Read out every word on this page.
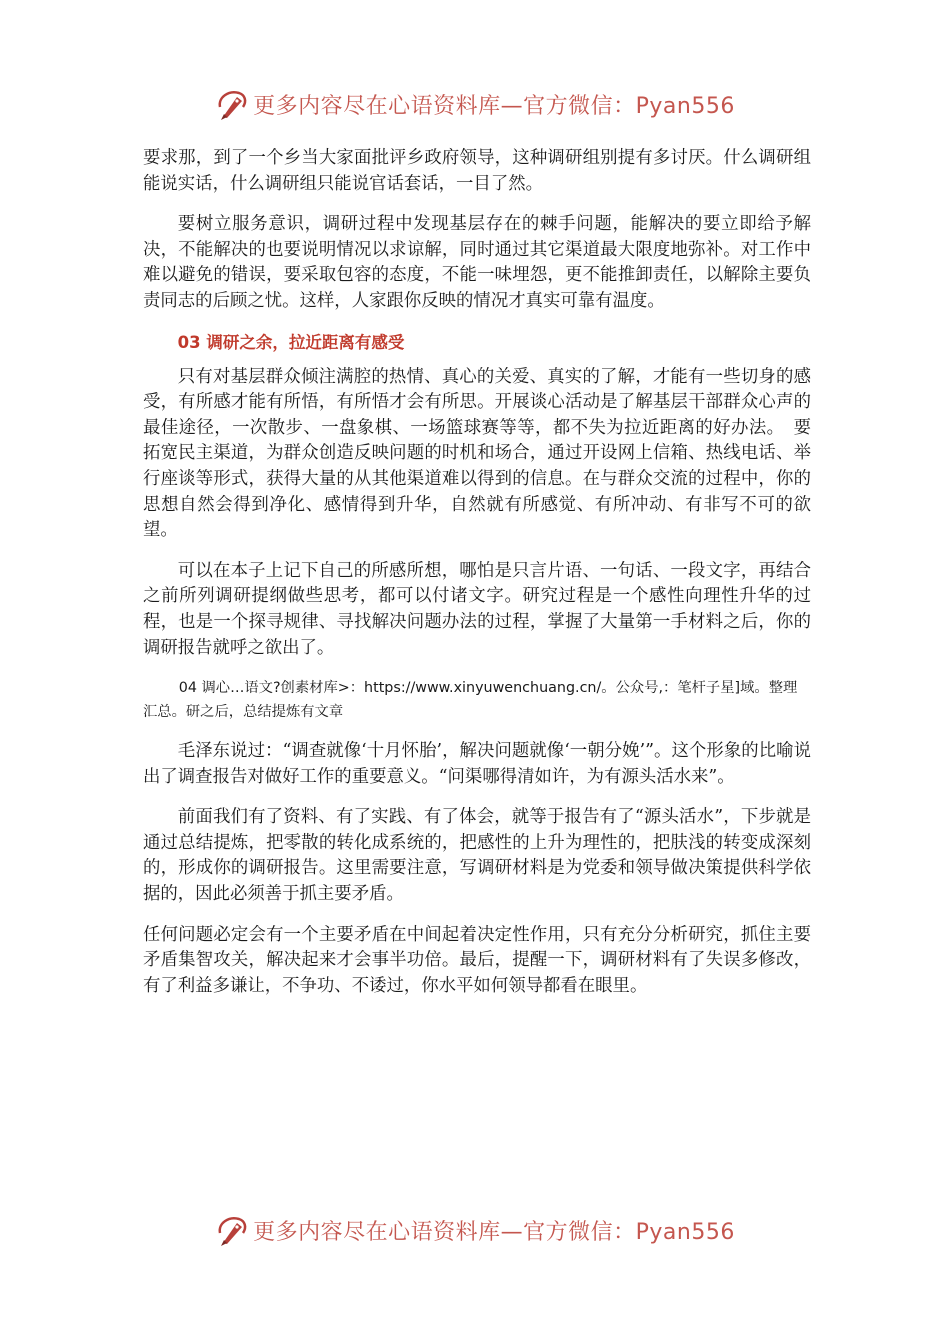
更多内容尽在心语资料库—官方微信：Pyan556

要求那，到了一个乡当大家面批评乡政府领导，这种调研组别提有多讨厌。什么调研组能说实话，什么调研组只能说官话套话，一目了然。

要树立服务意识，调研过程中发现基层存在的棘手问题，能解决的要立即给予解决，不能解决的也要说明情况以求谅解，同时通过其它渠道最大限度地弥补。对工作中难以避免的错误，要采取包容的态度，不能一味埋怨，更不能推卸责任，以解除主要负责同志的后顾之忧。这样，人家跟你反映的情况才真实可靠有温度。

03 调研之余，拉近距离有感受

只有对基层群众倾注满腔的热情、真心的关爱、真实的了解，才能有一些切身的感受，有所感才能有所悟，有所悟才会有所思。开展谈心活动是了解基层干部群众心声的最佳途径，一次散步、一盘象棋、一场篮球赛等等，都不失为拉近距离的好办法。　要拓宽民主渠道，为群众创造反映问题的时机和场合，通过开设网上信箱、热线电话、举行座谈等形式，获得大量的从其他渠道难以得到的信息。在与群众交流的过程中，你的思想自然会得到净化、感情得到升华，自然就有所感觉、有所冲动、有非写不可的欲望。

可以在本子上记下自己的所感所想，哪怕是只言片语、一句话、一段文字，再结合之前所列调研提纲做些思考，都可以付诸文字。研究过程是一个感性向理性升华的过程，也是一个探寻规律、寻找解决问题办法的过程，掌握了大量第一手材料之后，你的调研报告就呼之欲出了。

04 调心…语文?创素材库>：https://www.xinyuwenchuang.cn/。公众号,：笔杆子星]域。整理汇总。研之后，总结提炼有文章

毛泽东说过：“调查就像‘十月怀胎’，解决问题就像‘一朝分娩’”。这个形象的比喻说出了调查报告对做好工作的重要意义。“问渠哪得清如许，为有源头活水来”。

前面我们有了资料、有了实践、有了体会，就等于报告有了“源头活水”，下步就是通过总结提炼，把零散的转化成系统的，把感性的上升为理性的，把肤浅的转变成深刻的，形成你的调研报告。这里需要注意，写调研材料是为党委和领导做决策提供科学依据的，因此必须善于抓主要矛盾。

任何问题必定会有一个主要矛盾在中间起着决定性作用，只有充分分析研究，抓住主要矛盾集智攻关，解决起来才会事半功倍。最后，提醒一下，调研材料有了失误多修改，有了利益多谦让，不争功、不诿过，你水平如何领导都看在眼里。

更多内容尽在心语资料库—官方微信：Pyan556
